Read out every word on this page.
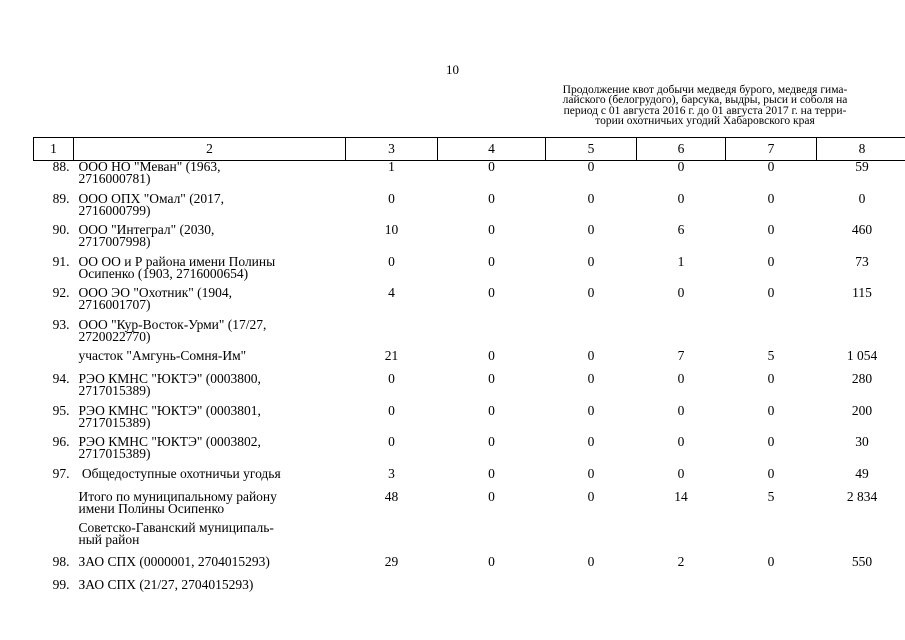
10
Продолжение квот добычи медведя бурого, медведя гима-
лайского (белогрудого), барсука, выдры, рыси и соболя на
период с 01 августа 2016 г. до 01 августа 2017 г. на терри-
тории охотничьих угодий Хабаровского края
1	2	3	4	5	6	7	8
88.	ООО НО "Меван" (1963,
2716000781)	1	0	0	0	0	59
89.	ООО ОПХ "Омал" (2017,
2716000799)	0	0	0	0	0	0
90.	ООО "Интеграл" (2030,
2717007998)	10	0	0	6	0	460
91.	ОО ОО и Р района имени Полины
Осипенко (1903, 2716000654)	0	0	0	1	0	73
92.	ООО ЭО "Охотник" (1904,
2716001707)	4	0	0	0	0	115
93.	ООО "Кур-Восток-Урми" (17/27,
2720022770)						

	участок "Амгунь-Сомня-Им"	21	0	0	7	5	1 054
94.	РЭО КМНС "ЮКТЭ" (0003800,
2717015389)	0	0	0	0	0	280
95.	РЭО КМНС "ЮКТЭ" (0003801,
2717015389)	0	0	0	0	0	200
96.	РЭО КМНС "ЮКТЭ" (0003802,
2717015389)	0	0	0	0	0	30
97.	Общедоступные охотничьи угодья	3	0	0	0	0	49

	Итого по муниципальному району
имени Полины Осипенко	48	0	0	14	5	2 834

	Советско-Гаванский муниципаль-
ный район						

98.	ЗАО СПХ (0000001, 2704015293)	29	0	0	2	0	550
99.	ЗАО СПХ (21/27, 2704015293)						
